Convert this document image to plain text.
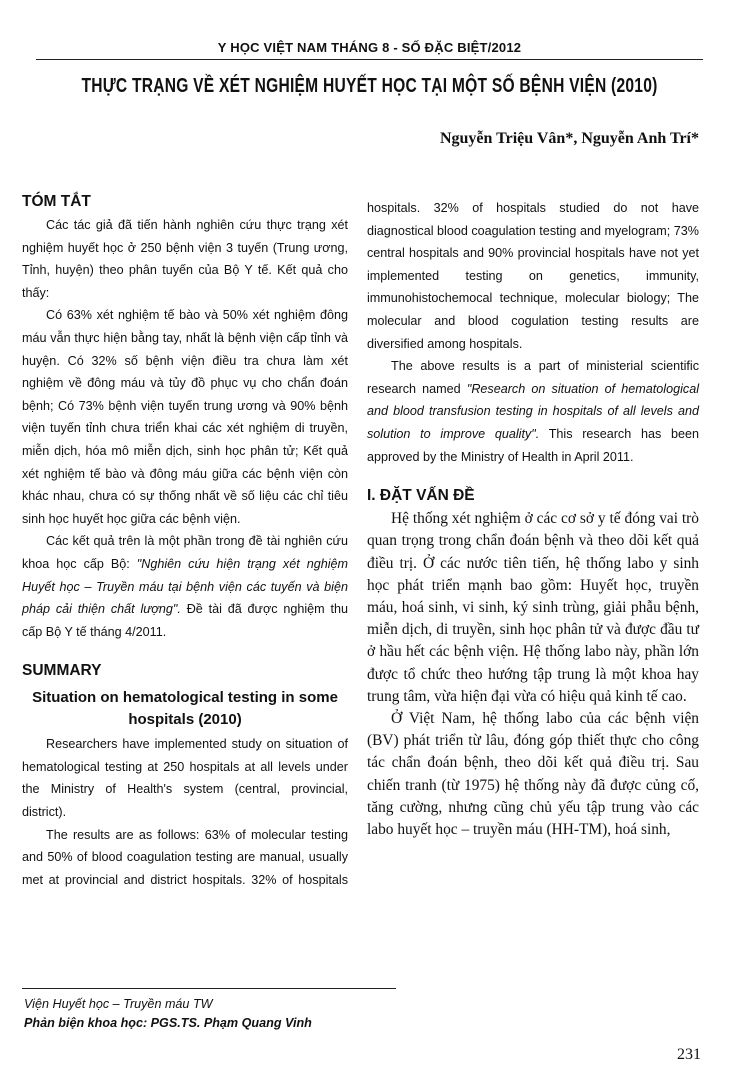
Y HỌC VIỆT NAM THÁNG 8 - SỐ ĐẶC BIỆT/2012
THỰC TRẠNG VỀ XÉT NGHIỆM HUYẾT HỌC TẠI MỘT SỐ BỆNH VIỆN (2010)
Nguyễn Triệu Vân*, Nguyễn Anh Trí*
TÓM TẮT

Các tác giả đã tiến hành nghiên cứu thực trạng xét nghiệm huyết học ở 250 bệnh viện 3 tuyến (Trung ương, Tỉnh, huyện) theo phân tuyến của Bộ Y tế. Kết quả cho thấy:

Có 63% xét nghiệm tế bào và 50% xét nghiệm đông máu vẫn thực hiện bằng tay, nhất là bệnh viện cấp tỉnh và huyện. Có 32% số bệnh viện điều tra chưa làm xét nghiệm về đông máu và tủy đồ phục vụ cho chẩn đoán bệnh; Có 73% bệnh viện tuyến trung ương và 90% bệnh viện tuyến tỉnh chưa triển khai các xét nghiệm di truyền, miễn dịch, hóa mô miễn dịch, sinh học phân tử; Kết quả xét nghiệm tế bào và đông máu giữa các bệnh viện còn khác nhau, chưa có sự thống nhất về số liệu các chỉ tiêu sinh học huyết học giữa các bệnh viện.

Các kết quả trên là một phần trong đề tài nghiên cứu khoa học cấp Bộ: "Nghiên cứu hiện trạng xét nghiệm Huyết học – Truyền máu tại bệnh viện các tuyến và biện pháp cải thiện chất lượng". Đề tài đã được nghiệm thu cấp Bộ Y tế tháng 4/2011.

SUMMARY
Situation on hematological testing in some hospitals (2010)

Researchers have implemented study on situation of hematological testing at 250 hospitals at all levels under the Ministry of Health's system (central, provincial, district).

The results are as follows: 63% of molecular testing and 50% of blood coagulation testing are manual, usually met at provincial and district hospitals. 32% of hospitals

hospitals. 32% of hospitals studied do not have diagnostical blood coagulation testing and myelogram; 73% central hospitals and 90% provincial hospitals have not yet implemented testing on genetics, immunity, immunohistochemocal technique, molecular biology; The molecular and blood cogulation testing results are diversified among hospitals.

The above results is a part of ministerial scientific research named "Research on situation of hematological and blood transfusion testing in hospitals of all levels and solution to improve quality". This research has been approved by the Ministry of Health in April 2011.

I. ĐẶT VẤN ĐỀ

Hệ thống xét nghiệm ở các cơ sở y tế đóng vai trò quan trọng trong chẩn đoán bệnh và theo dõi kết quả điều trị. Ở các nước tiên tiến, hệ thống labo y sinh học phát triển mạnh bao gồm: Huyết học, truyền máu, hoá sinh, vi sinh, ký sinh trùng, giải phẫu bệnh, miễn dịch, di truyền, sinh học phân tử và được đầu tư ở hầu hết các bệnh viện. Hệ thống labo này, phần lớn được tổ chức theo hướng tập trung là một khoa hay trung tâm, vừa hiện đại vừa có hiệu quả kinh tế cao.

Ở Việt Nam, hệ thống labo của các bệnh viện (BV) phát triển từ lâu, đóng góp thiết thực cho công tác chẩn đoán bệnh, theo dõi kết quả điều trị. Sau chiến tranh (từ 1975) hệ thống này đã được củng cố, tăng cường, nhưng cũng chủ yếu tập trung vào các labo huyết học – truyền máu (HH-TM), hoá sinh,

Viện Huyết học – Truyền máu TW
Phản biện khoa học: PGS.TS. Phạm Quang Vinh
231
